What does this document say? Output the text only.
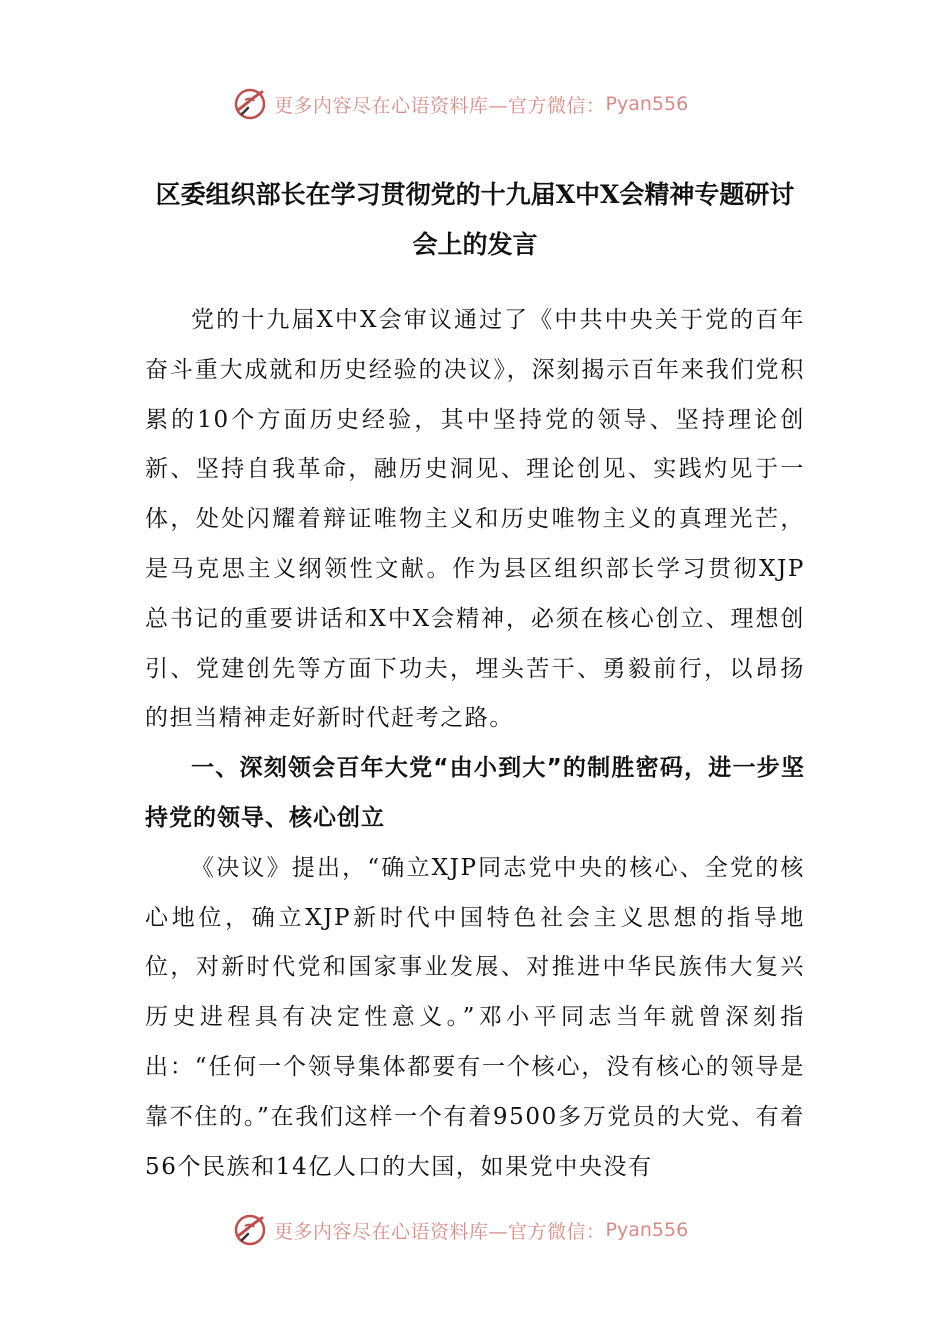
更多内容尽在心语资料库—官方微信： Pyan556
区委组织部长在学习贯彻党的十九届X中X会精神专题研讨会上的发言

党的十九届X中X会审议通过了《中共中央关于党的百年奋斗重大成就和历史经验的决议》，深刻揭示百年来我们党积累的10个方面历史经验，其中坚持党的领导、坚持理论创新、坚持自我革命，融历史洞见、理论创见、实践灼见于一体，处处闪耀着辩证唯物主义和历史唯物主义的真理光芒，是马克思主义纲领性文献。作为县区组织部长学习贯彻XJP总书记的重要讲话和X中X会精神，必须在核心创立、理想创引、党建创先等方面下功夫，埋头苦干、勇毅前行，以昂扬的担当精神走好新时代赶考之路。

一、深刻领会百年大党“由小到大”的制胜密码，进一步坚持党的领导、核心创立

《决议》提出，“确立XJP同志党中央的核心、全党的核心地位，确立XJP新时代中国特色社会主义思想的指导地位，对新时代党和国家事业发展、对推进中华民族伟大复兴历史进程具有决定性意义。”邓小平同志当年就曾深刻指出：“任何一个领导集体都要有一个核心，没有核心的领导是靠不住的。”在我们这样一个有着9500多万党员的大党、有着56个民族和14亿人口的大国，如果党中央没有

更多内容尽在心语资料库—官方微信： Pyan556
